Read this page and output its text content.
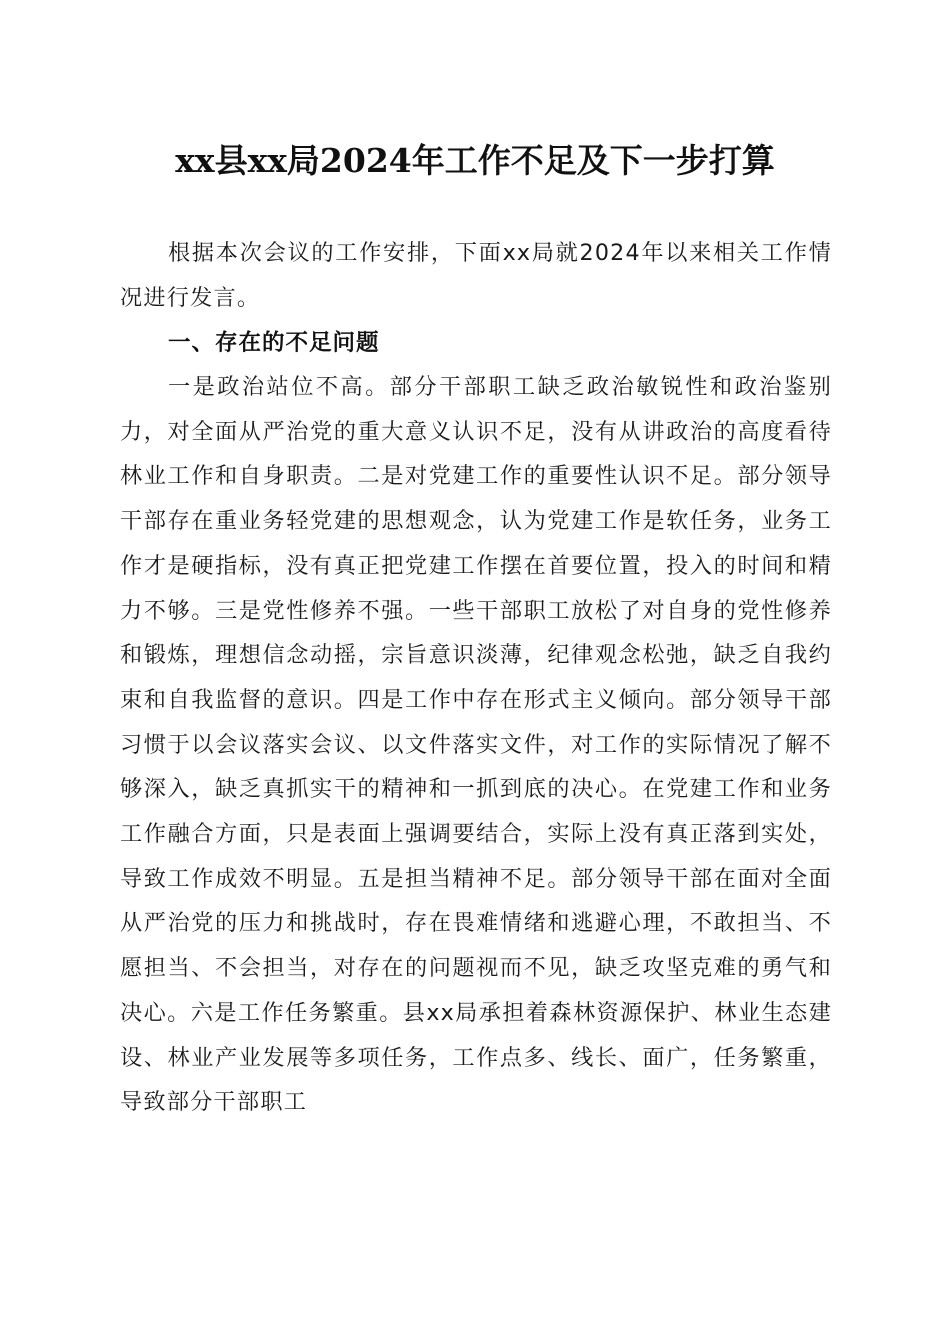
xx县xx局2024年工作不足及下一步打算

根据本次会议的工作安排，下面xx局就2024年以来相关工作情况进行发言。

一、存在的不足问题

一是政治站位不高。部分干部职工缺乏政治敏锐性和政治鉴别力，对全面从严治党的重大意义认识不足，没有从讲政治的高度看待林业工作和自身职责。二是对党建工作的重要性认识不足。部分领导干部存在重业务轻党建的思想观念，认为党建工作是软任务，业务工作才是硬指标，没有真正把党建工作摆在首要位置，投入的时间和精力不够。三是党性修养不强。一些干部职工放松了对自身的党性修养和锻炼，理想信念动摇，宗旨意识淡薄，纪律观念松弛，缺乏自我约束和自我监督的意识。四是工作中存在形式主义倾向。部分领导干部习惯于以会议落实会议、以文件落实文件，对工作的实际情况了解不够深入，缺乏真抓实干的精神和一抓到底的决心。在党建工作和业务工作融合方面，只是表面上强调要结合，实际上没有真正落到实处，导致工作成效不明显。五是担当精神不足。部分领导干部在面对全面从严治党的压力和挑战时，存在畏难情绪和逃避心理，不敢担当、不愿担当、不会担当，对存在的问题视而不见，缺乏攻坚克难的勇气和决心。六是工作任务繁重。县xx局承担着森林资源保护、林业生态建设、林业产业发展等多项任务，工作点多、线长、面广，任务繁重，导致部分干部职工
